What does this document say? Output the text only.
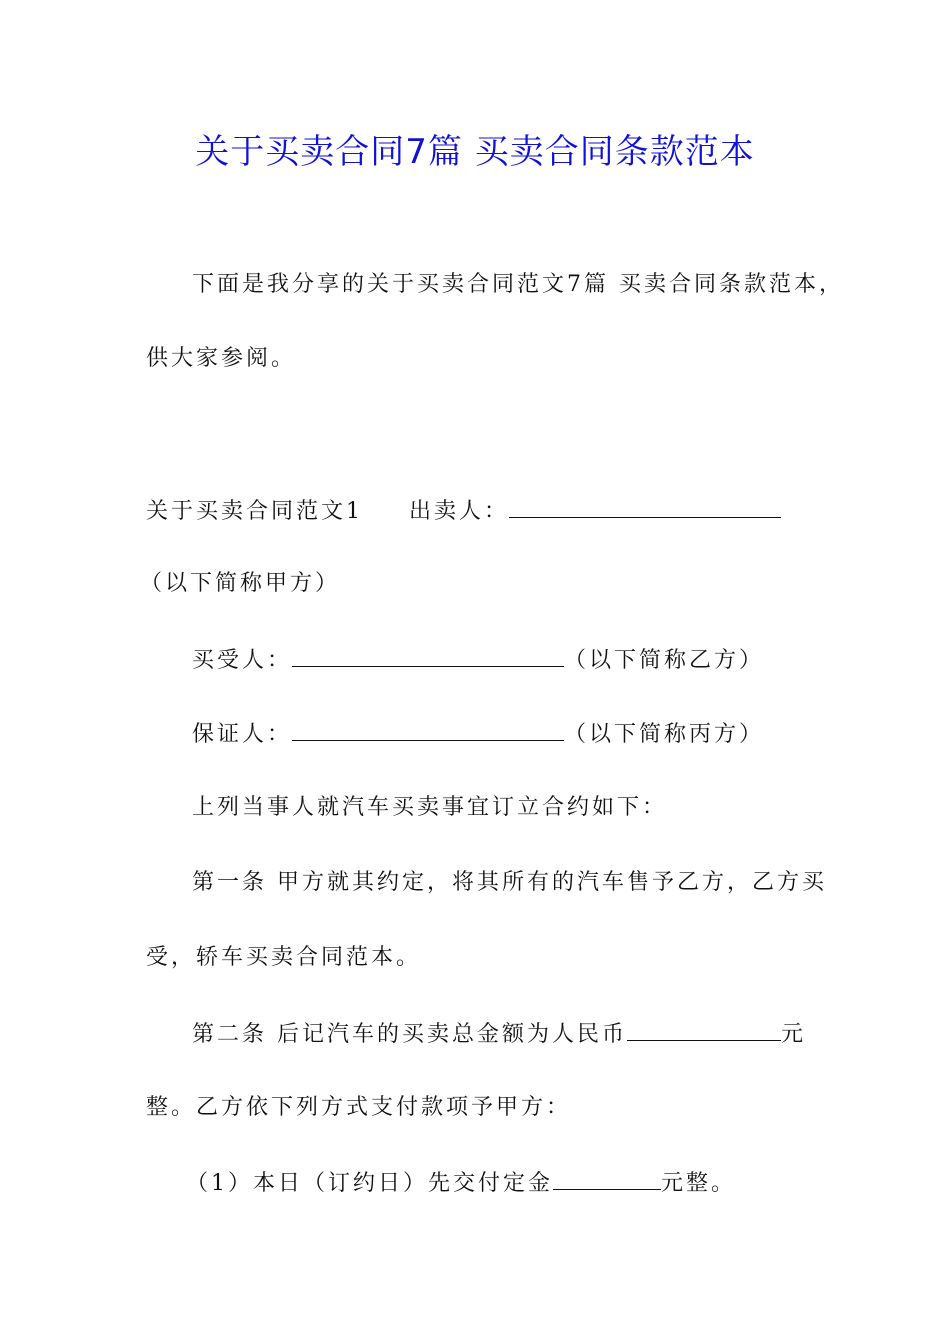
关于买卖合同7篇 买卖合同条款范本
下面是我分享的关于买卖合同范文7篇 买卖合同条款范本，
供大家参阅。
关于买卖合同范文1 出卖人：
（以下简称甲方）
买受人：	（以下简称乙方）
保证人：	（以下简称丙方）
上列当事人就汽车买卖事宜订立合约如下：
第一条 甲方就其约定，将其所有的汽车售予乙方，乙方买
受，轿车买卖合同范本。
第二条 后记汽车的买卖总金额为人民币	元
整。乙方依下列方式支付款项予甲方：
（1）本日（订约日）先交付定金	元整。
